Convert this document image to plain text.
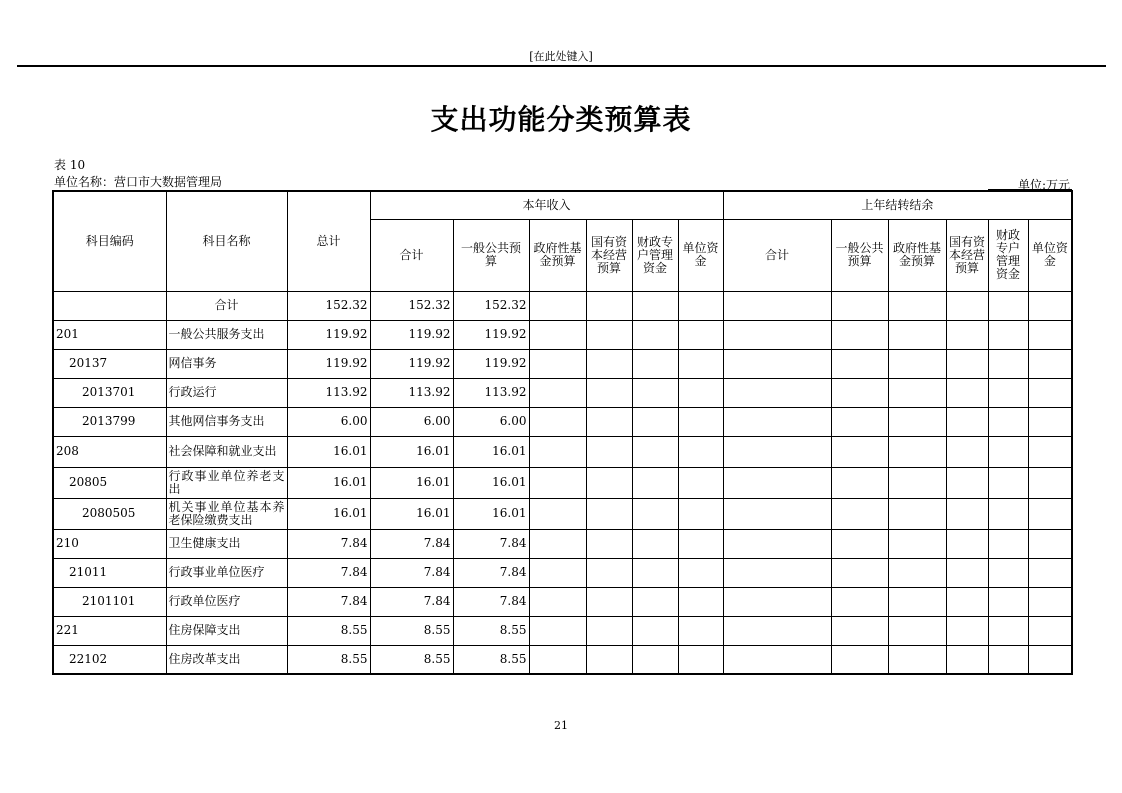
[在此处键入]
支出功能分类预算表
表 10
单位名称：营口市大数据管理局	单位:万元
科目编码	科目名称	总计	本年收入						上年结转结余					
			合计	一般公共预算	政府性基金预算	国有资本经营预算	财政专户管理资金	单位资金	合计	一般公共预算	政府性基金预算	国有资本经营预算	财政专户管理资金	单位资金
	合计	152.32	152.32	152.32										
201	一般公共服务支出	119.92	119.92	119.92										
20137	网信事务	119.92	119.92	119.92										
2013701	行政运行	113.92	113.92	113.92										
2013799	其他网信事务支出	6.00	6.00	6.00										
208	社会保障和就业支出	16.01	16.01	16.01										
20805	行政事业单位养老支出	16.01	16.01	16.01										
2080505	机关事业单位基本养老保险缴费支出	16.01	16.01	16.01										
210	卫生健康支出	7.84	7.84	7.84										
21011	行政事业单位医疗	7.84	7.84	7.84										
2101101	行政单位医疗	7.84	7.84	7.84										
221	住房保障支出	8.55	8.55	8.55										
22102	住房改革支出	8.55	8.55	8.55										
21
